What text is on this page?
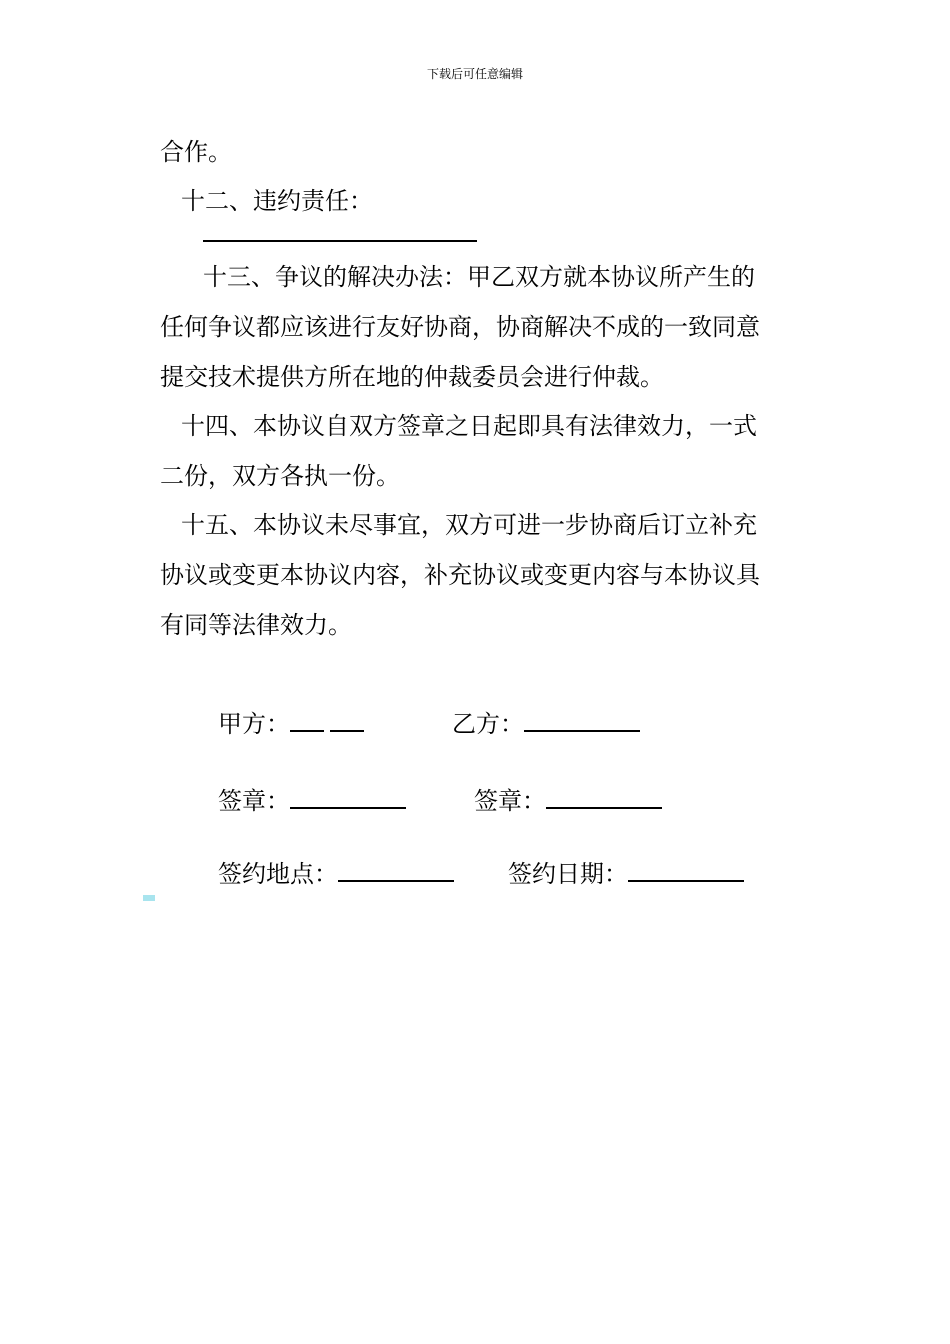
下载后可任意编辑
合作。
十二、违约责任：
十三、争议的解决办法：甲乙双方就本协议所产生的
任何争议都应该进行友好协商，协商解决不成的一致同意
提交技术提供方所在地的仲裁委员会进行仲裁。
十四、本协议自双方签章之日起即具有法律效力，一式
二份，双方各执一份。
十五、本协议未尽事宜，双方可进一步协商后订立补充
协议或变更本协议内容，补充协议或变更内容与本协议具
有同等法律效力。
甲方：	乙方：
签章：	签章：
签约地点：	签约日期：
